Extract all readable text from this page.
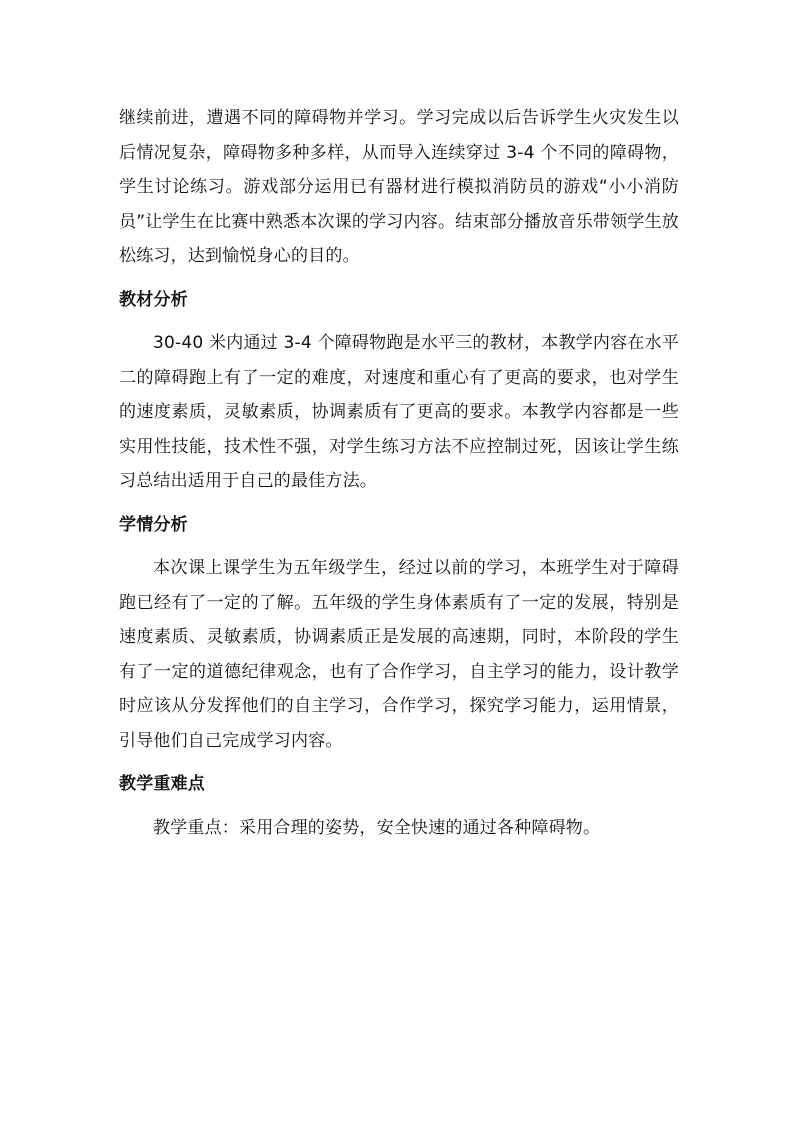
继续前进，遭遇不同的障碍物并学习。学习完成以后告诉学生火灾发生以后情况复杂，障碍物多种多样，从而导入连续穿过 3-4 个不同的障碍物，学生讨论练习。游戏部分运用已有器材进行模拟消防员的游戏“小小消防员”让学生在比赛中熟悉本次课的学习内容。结束部分播放音乐带领学生放松练习，达到愉悦身心的目的。

教材分析

30-40 米内通过 3-4 个障碍物跑是水平三的教材，本教学内容在水平二的障碍跑上有了一定的难度，对速度和重心有了更高的要求，也对学生的速度素质，灵敏素质，协调素质有了更高的要求。本教学内容都是一些实用性技能，技术性不强，对学生练习方法不应控制过死，因该让学生练习总结出适用于自己的最佳方法。

学情分析

本次课上课学生为五年级学生，经过以前的学习，本班学生对于障碍跑已经有了一定的了解。五年级的学生身体素质有了一定的发展，特别是速度素质、灵敏素质，协调素质正是发展的高速期，同时，本阶段的学生有了一定的道德纪律观念，也有了合作学习，自主学习的能力，设计教学时应该从分发挥他们的自主学习，合作学习，探究学习能力，运用情景，引导他们自己完成学习内容。

教学重难点

教学重点：采用合理的姿势，安全快速的通过各种障碍物。
